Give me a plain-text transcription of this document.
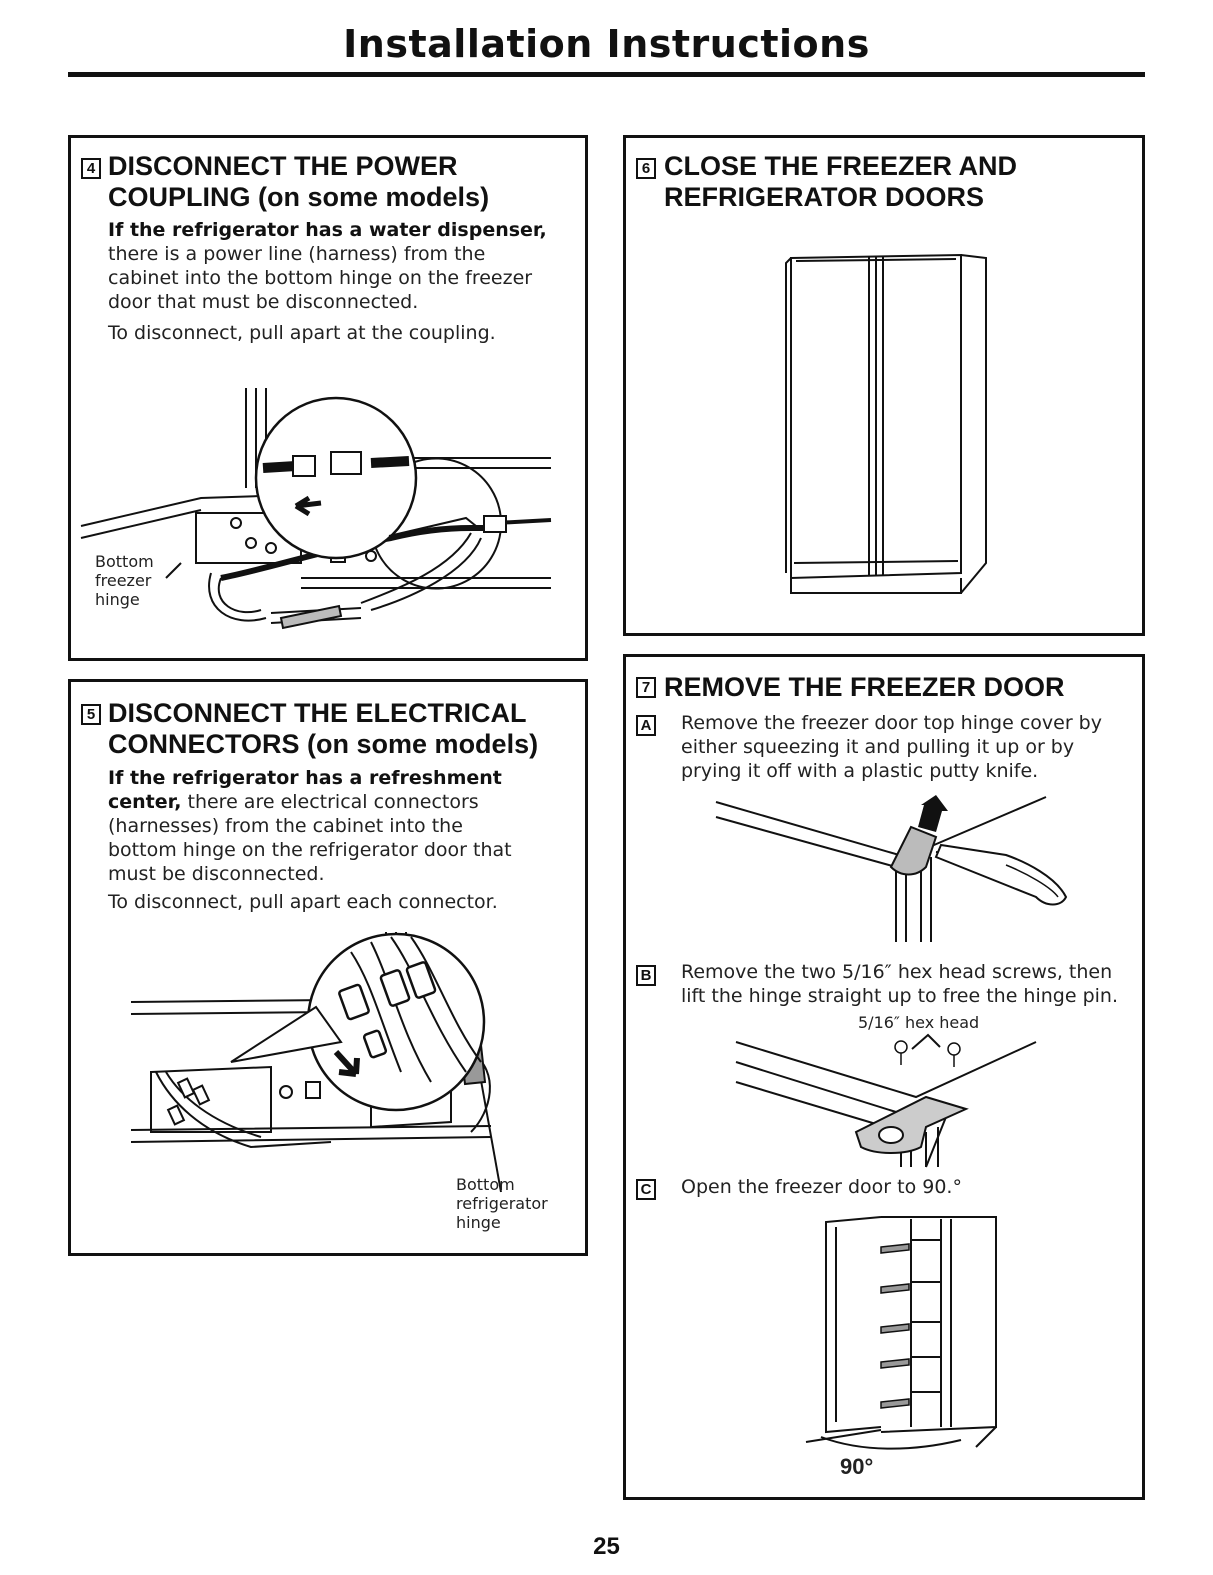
Installation Instructions
4 DISCONNECT THE POWER
COUPLING (on some models)
If the refrigerator has a water dispenser, there is a power line (harness) from the cabinet into the bottom hinge on the freezer door that must be disconnected.
To disconnect, pull apart at the coupling.
Bottom
freezer
hinge
5 DISCONNECT THE ELECTRICAL
CONNECTORS (on some models)
If the refrigerator has a refreshment center, there are electrical connectors (harnesses) from the cabinet into the bottom hinge on the refrigerator door that must be disconnected.
To disconnect, pull apart each connector.
Bottom
refrigerator
hinge
6 CLOSE THE FREEZER AND
REFRIGERATOR DOORS
7 REMOVE THE FREEZER DOOR
A Remove the freezer door top hinge cover by either squeezing it and pulling it up or by prying it off with a plastic putty knife.
B Remove the two 5/16″ hex head screws, then lift the hinge straight up to free the hinge pin.
5/16″ hex head
C Open the freezer door to 90.°
90°
25
